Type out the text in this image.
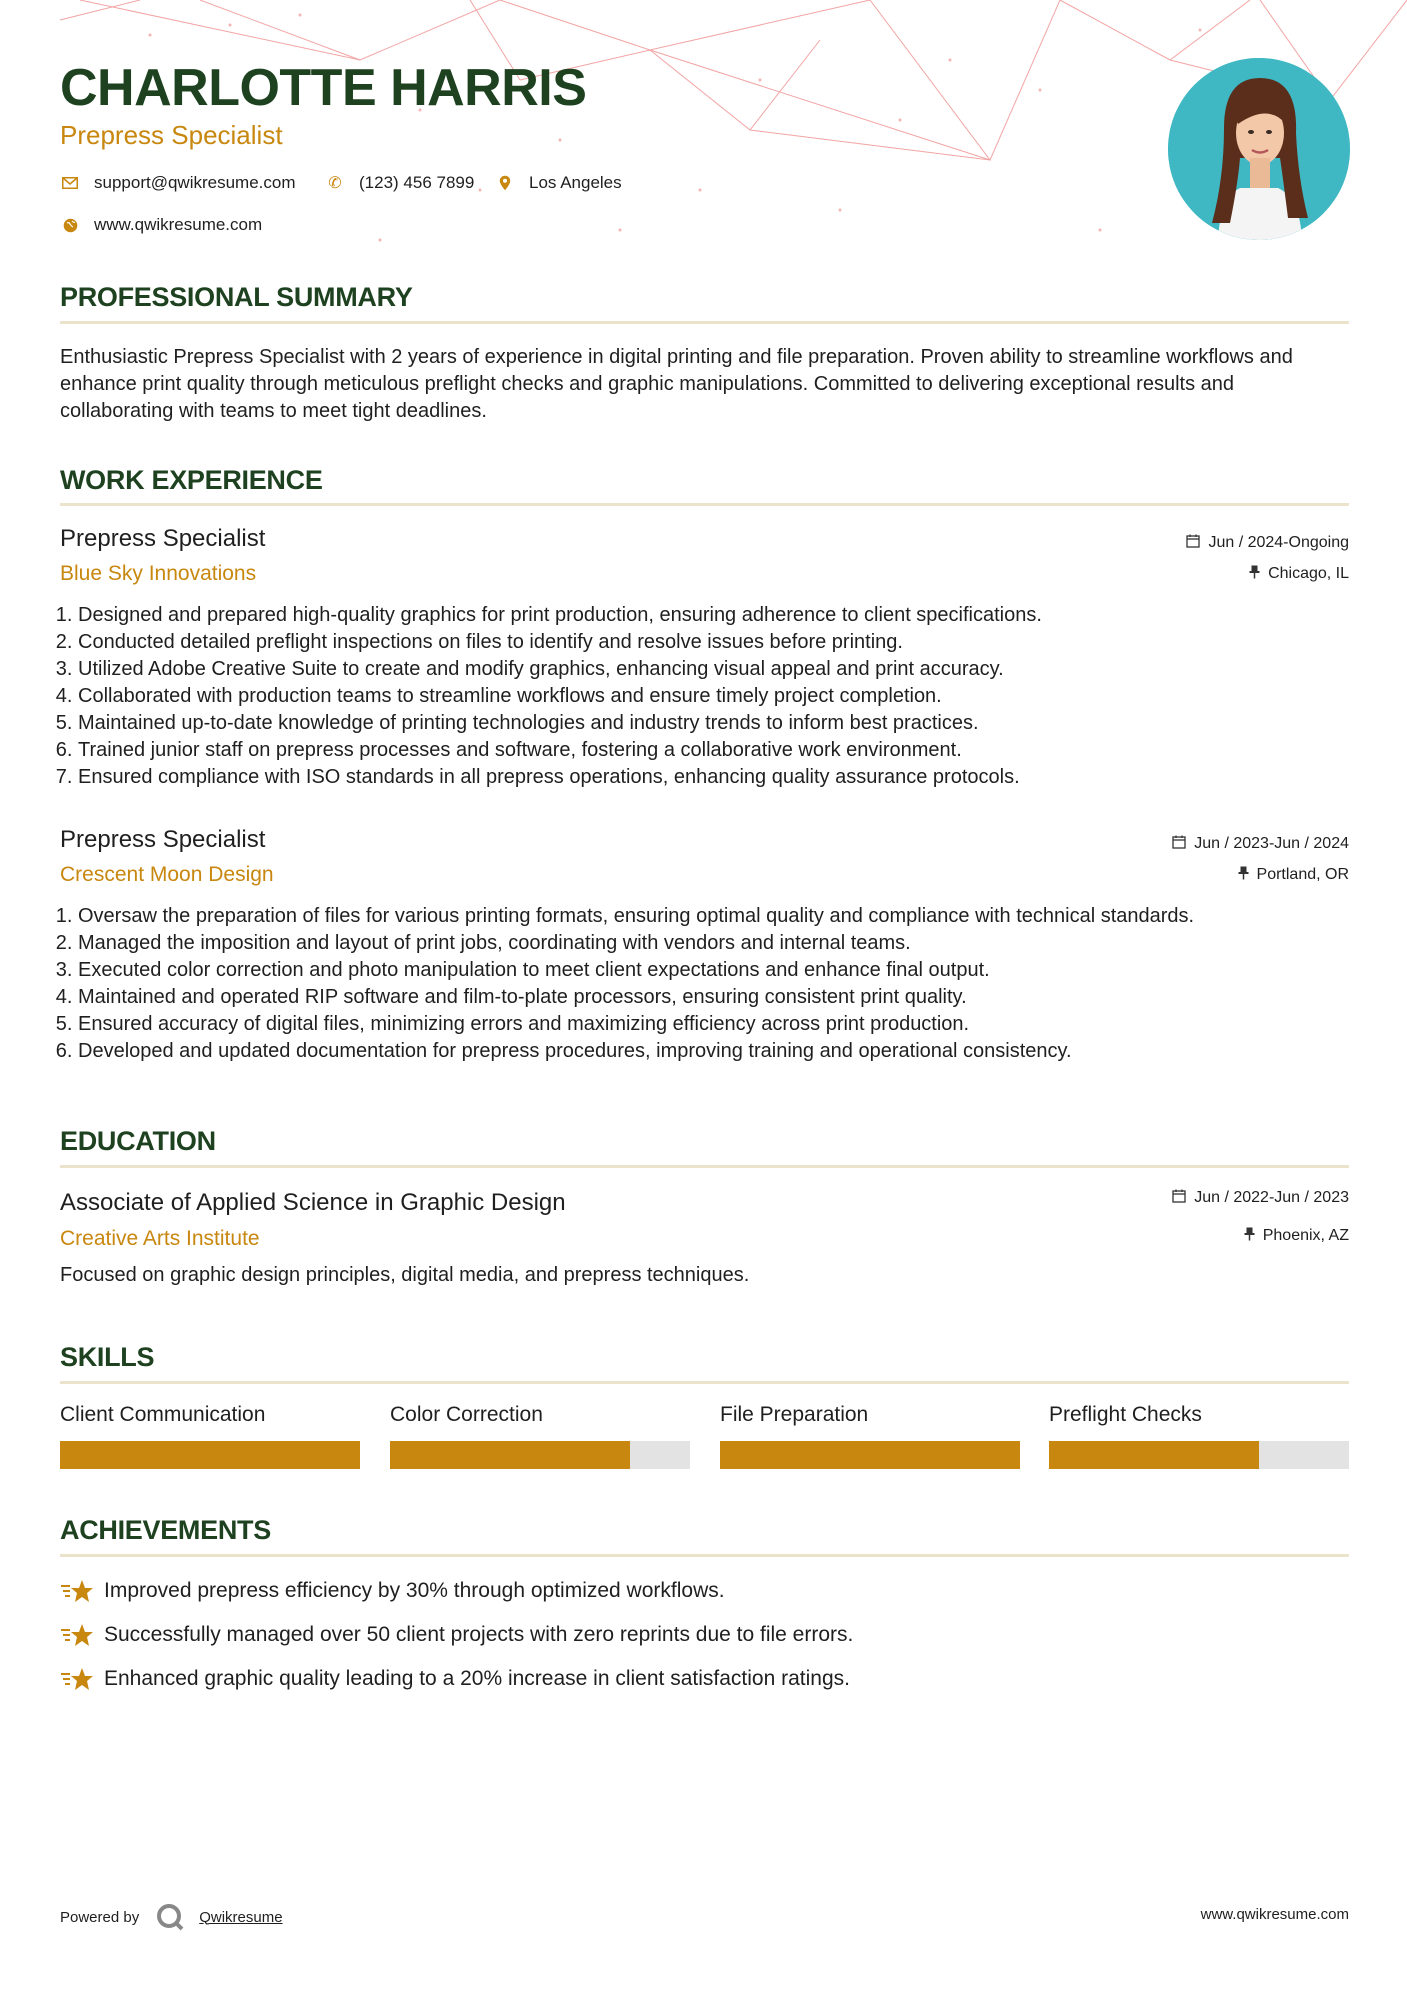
CHARLOTTE HARRIS
Prepress Specialist
support@qwikresume.com ✆ (123) 456 7899	Los Angeles
www.qwikresume.com
PROFESSIONAL SUMMARY
Enthusiastic Prepress Specialist with 2 years of experience in digital printing and file preparation. Proven ability to streamline workflows and enhance print quality through meticulous preflight checks and graphic manipulations. Committed to delivering exceptional results and collaborating with teams to meet tight deadlines.
WORK EXPERIENCE
Prepress Specialist
Blue Sky Innovations
Jun / 2024-Ongoing
Chicago, IL
1. Designed and prepared high-quality graphics for print production, ensuring adherence to client specifications.
2. Conducted detailed preflight inspections on files to identify and resolve issues before printing.
3. Utilized Adobe Creative Suite to create and modify graphics, enhancing visual appeal and print accuracy.
4. Collaborated with production teams to streamline workflows and ensure timely project completion.
5. Maintained up-to-date knowledge of printing technologies and industry trends to inform best practices.
6. Trained junior staff on prepress processes and software, fostering a collaborative work environment.
7. Ensured compliance with ISO standards in all prepress operations, enhancing quality assurance protocols.
Prepress Specialist
Crescent Moon Design
Jun / 2023-Jun / 2024
Portland, OR
1. Oversaw the preparation of files for various printing formats, ensuring optimal quality and compliance with technical standards.
2. Managed the imposition and layout of print jobs, coordinating with vendors and internal teams.
3. Executed color correction and photo manipulation to meet client expectations and enhance final output.
4. Maintained and operated RIP software and film-to-plate processors, ensuring consistent print quality.
5. Ensured accuracy of digital files, minimizing errors and maximizing efficiency across print production.
6. Developed and updated documentation for prepress procedures, improving training and operational consistency.
EDUCATION
Associate of Applied Science in Graphic Design
Creative Arts Institute
Jun / 2022-Jun / 2023
Phoenix, AZ
Focused on graphic design principles, digital media, and prepress techniques.
SKILLS
Client Communication	Color Correction	File Preparation	Preflight Checks
ACHIEVEMENTS
Improved prepress efficiency by 30% through optimized workflows.
Successfully managed over 50 client projects with zero reprints due to file errors.
Enhanced graphic quality leading to a 20% increase in client satisfaction ratings.
Powered by	Qwikresume	www.qwikresume.com
